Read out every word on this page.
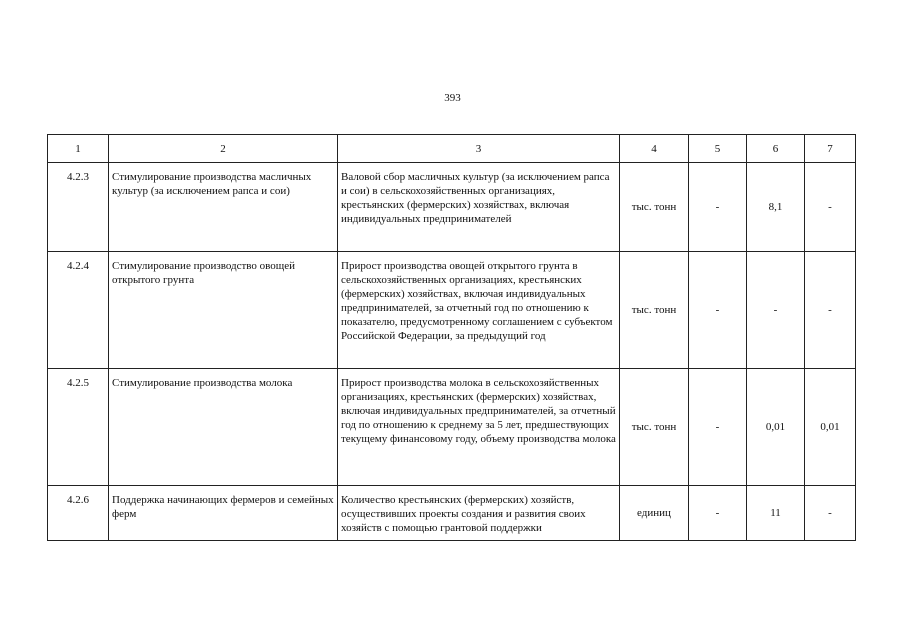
393
1	2	3	4	5	6	7
4.2.3	Стимулирование производства масличных культур (за исключением рапса и сои)	Валовой сбор масличных культур (за исключением рапса и сои) в сельскохозяйственных организациях, крестьянских (фермерских) хозяйствах, включая индивидуальных предпринимателей	тыс. тонн	-	8,1	-
4.2.4	Стимулирование производство овощей открытого грунта	Прирост производства овощей открытого грунта в сельскохозяйственных организациях, крестьянских (фермерских) хозяйствах, включая индивидуальных предпринимателей, за отчетный год по отношению к показателю, предусмотренному соглашением с субъектом Российской Федерации, за предыдущий год	тыс. тонн	-	-	-
4.2.5	Стимулирование производства молока	Прирост производства молока в сельскохозяйственных организациях, крестьянских (фермерских) хозяйствах, включая индивидуальных предпринимателей, за отчетный год по отношению к среднему за 5 лет, предшествующих текущему финансовому году, объему производства молока	тыс. тонн	-	0,01	0,01
4.2.6	Поддержка начинающих фермеров и семейных ферм	Количество крестьянских (фермерских) хозяйств, осуществивших проекты создания и развития своих хозяйств с помощью грантовой поддержки	единиц	-	11	-
